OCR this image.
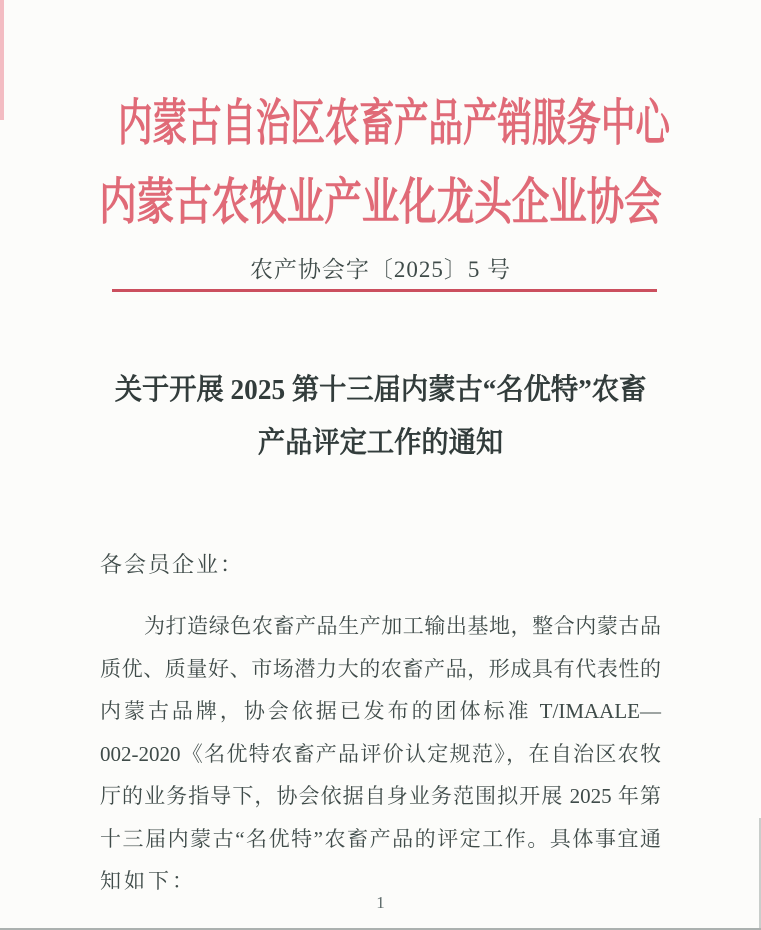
内蒙古自治区农畜产品产销服务中心
内蒙古农牧业产业化龙头企业协会
农产协会字〔2025〕5 号
关于开展 2025 第十三届内蒙古“名优特”农畜
产品评定工作的通知
各会员企业：
为打造绿色农畜产品生产加工输出基地，整合内蒙古品
质优、质量好、市场潜力大的农畜产品，形成具有代表性的
内蒙古品牌，协会依据已发布的团体标准 T/IMAALE—
002-2020《名优特农畜产品评价认定规范》，在自治区农牧
厅的业务指导下，协会依据自身业务范围拟开展 2025 年第
十三届内蒙古“名优特”农畜产品的评定工作。具体事宜通
知如下：
1
